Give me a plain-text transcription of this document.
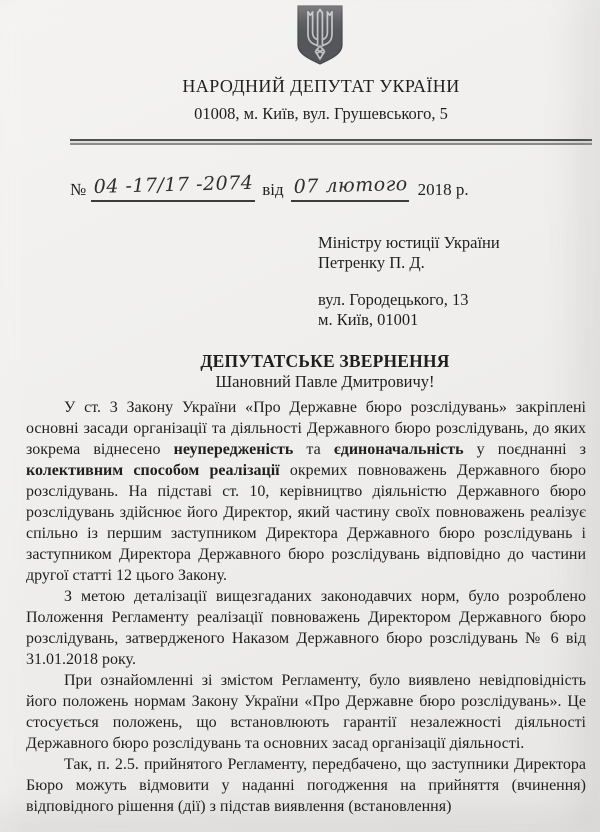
НАРОДНИЙ ДЕПУТАТ УКРАЇНИ
01008, м. Київ, вул. Грушевського, 5
№ 04 -17/17 -2074 від 07 лютого 2018 р.
Міністру юстиції України
Петренку П. Д.
вул. Городецького, 13
м. Київ, 01001
ДЕПУТАТСЬКЕ ЗВЕРНЕННЯ
Шановний Павле Дмитровичу!

У ст. 3 Закону України «Про Державне бюро розслідувань» закріплені основні засади організації та діяльності Державного бюро розслідувань, до яких зокрема віднесено неупередженість та єдиноначальність у поєднанні з колективним способом реалізації окремих повноважень Державного бюро розслідувань. На підставі ст. 10, керівництво діяльністю Державного бюро розслідувань здійснює його Директор, який частину своїх повноважень реалізує спільно із першим заступником Директора Державного бюро розслідувань і заступником Директора Державного бюро розслідувань відповідно до частини другої статті 12 цього Закону.

З метою деталізації вищезгаданих законодавчих норм, було розроблено Положення Регламенту реалізації повноважень Директором Державного бюро розслідувань, затвердженого Наказом Державного бюро розслідувань № 6 від 31.01.2018 року.

При ознайомленні зі змістом Регламенту, було виявлено невідповідність його положень нормам Закону України «Про Державне бюро розслідувань». Це стосується положень, що встановлюють гарантії незалежності діяльності Державного бюро розслідувань та основних засад організації діяльності.

Так, п. 2.5. прийнятого Регламенту, передбачено, що заступники Директора Бюро можуть відмовити у наданні погодження на прийняття (вчинення) відповідного рішення (дії) з підстав виявлення (встановлення)
